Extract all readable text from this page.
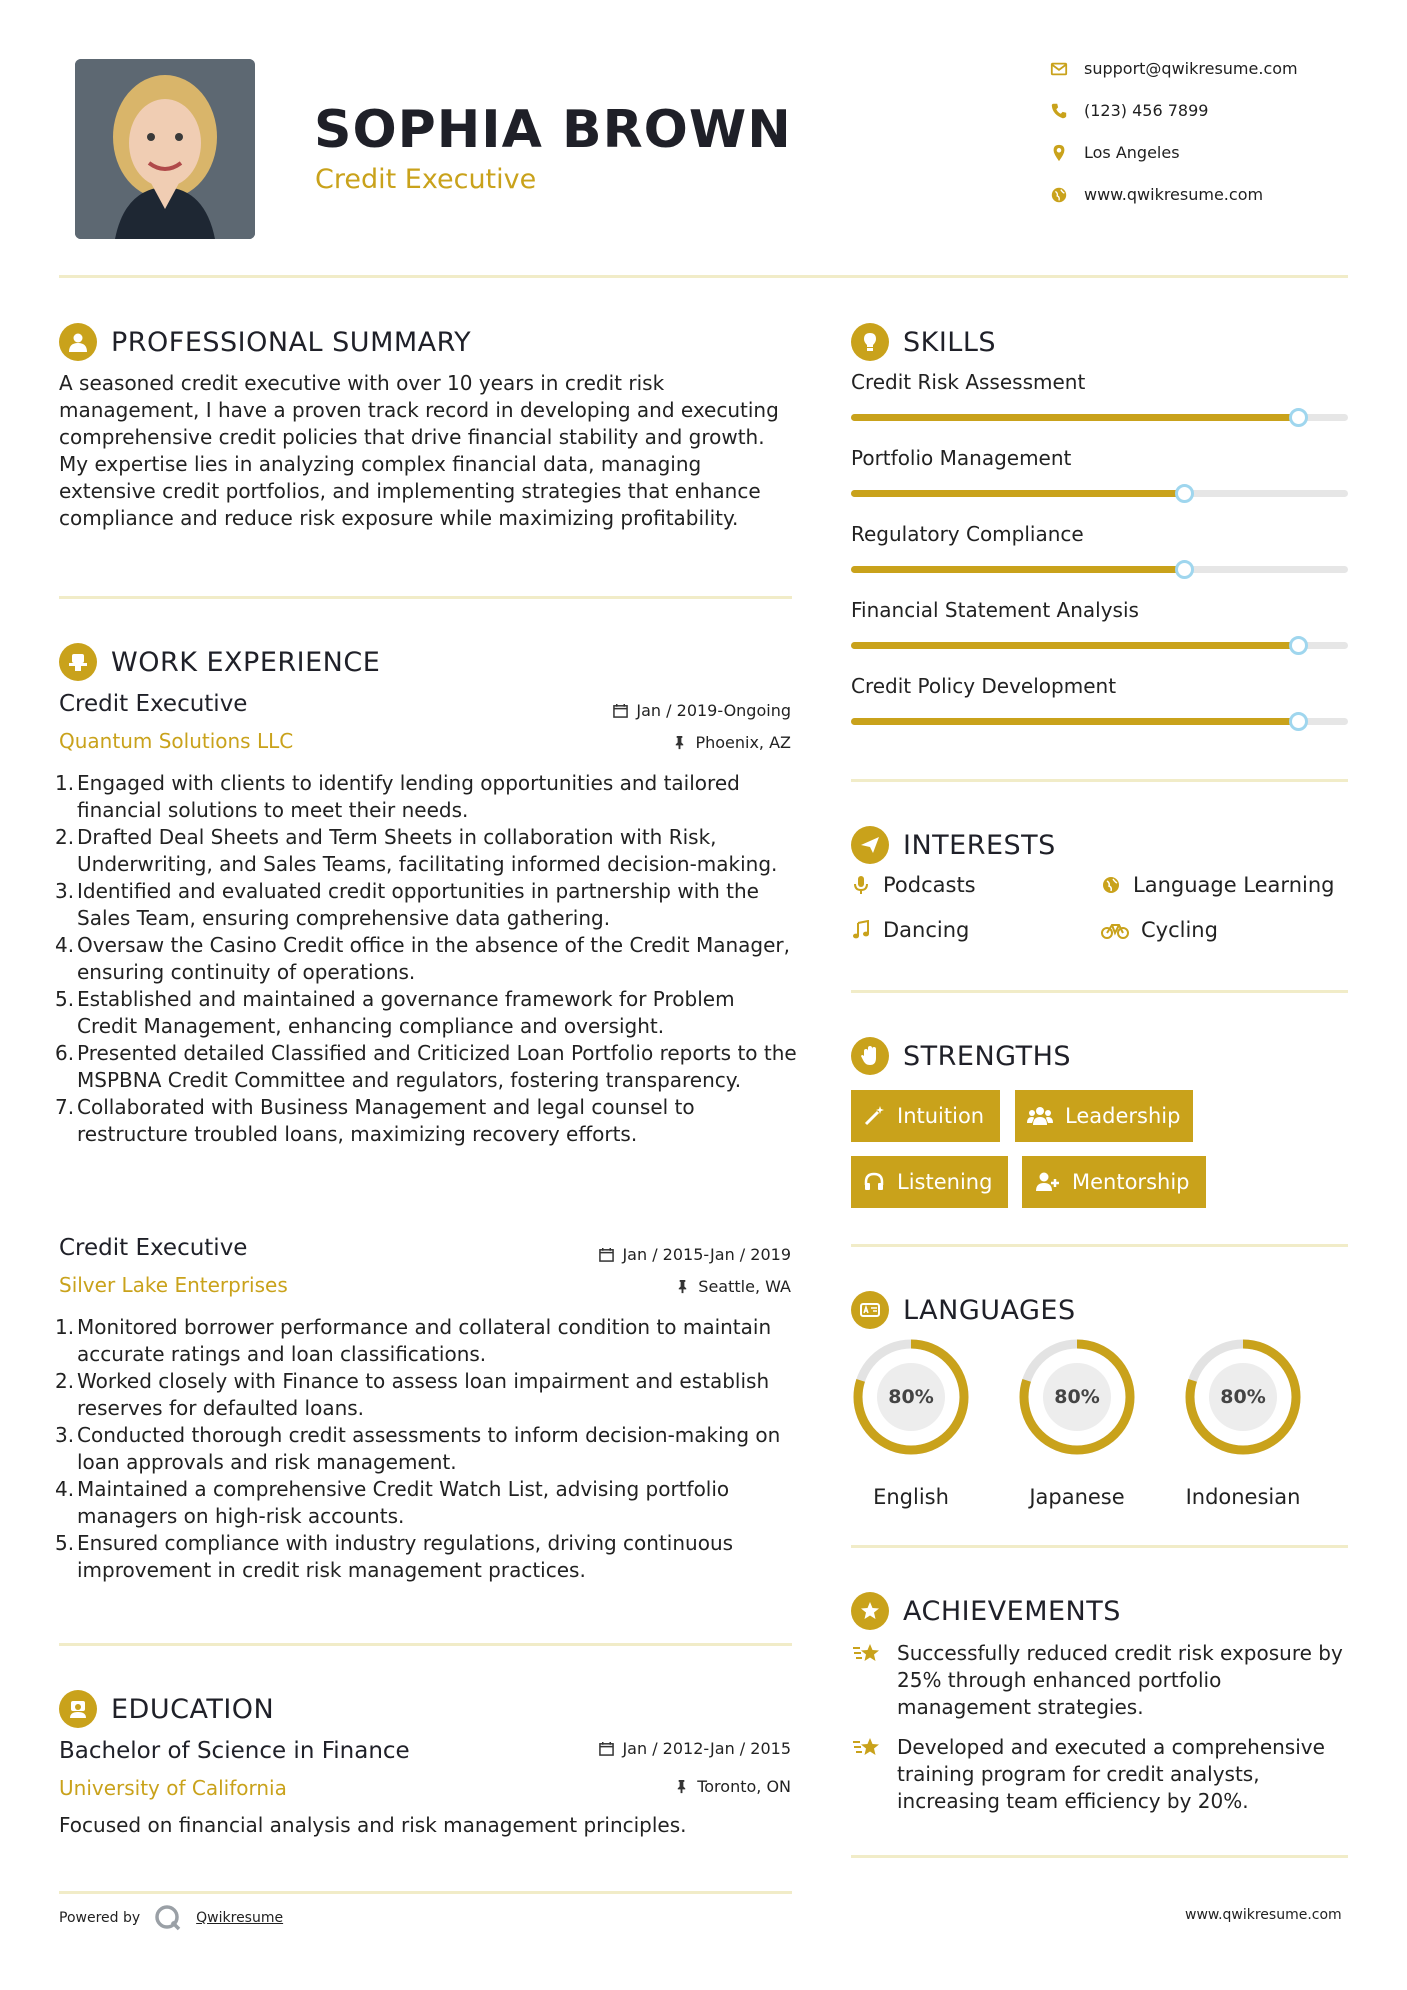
SOPHIA BROWN
Credit Executive
support@qwikresume.com
(123) 456 7899
Los Angeles
www.qwikresume.com
PROFESSIONAL SUMMARY
A seasoned credit executive with over 10 years in credit risk management, I have a proven track record in developing and executing comprehensive credit policies that drive financial stability and growth. My expertise lies in analyzing complex financial data, managing extensive credit portfolios, and implementing strategies that enhance compliance and reduce risk exposure while maximizing profitability.
WORK EXPERIENCE
Credit Executive	Jan / 2019-Ongoing
Quantum Solutions LLC	Phoenix, AZ
1. Engaged with clients to identify lending opportunities and tailored financial solutions to meet their needs.
2. Drafted Deal Sheets and Term Sheets in collaboration with Risk, Underwriting, and Sales Teams, facilitating informed decision-making.
3. Identified and evaluated credit opportunities in partnership with the Sales Team, ensuring comprehensive data gathering.
4. Oversaw the Casino Credit office in the absence of the Credit Manager, ensuring continuity of operations.
5. Established and maintained a governance framework for Problem Credit Management, enhancing compliance and oversight.
6. Presented detailed Classified and Criticized Loan Portfolio reports to the MSPBNA Credit Committee and regulators, fostering transparency.
7. Collaborated with Business Management and legal counsel to restructure troubled loans, maximizing recovery efforts.
Credit Executive	Jan / 2015-Jan / 2019
Silver Lake Enterprises	Seattle, WA
1. Monitored borrower performance and collateral condition to maintain accurate ratings and loan classifications.
2. Worked closely with Finance to assess loan impairment and establish reserves for defaulted loans.
3. Conducted thorough credit assessments to inform decision-making on loan approvals and risk management.
4. Maintained a comprehensive Credit Watch List, advising portfolio managers on high-risk accounts.
5. Ensured compliance with industry regulations, driving continuous improvement in credit risk management practices.
EDUCATION
Bachelor of Science in Finance	Jan / 2012-Jan / 2015
University of California	Toronto, ON
Focused on financial analysis and risk management principles.
SKILLS
Credit Risk Assessment
Portfolio Management
Regulatory Compliance
Financial Statement Analysis
Credit Policy Development
INTERESTS
Podcasts	Language Learning
Dancing	Cycling
STRENGTHS
Intuition	Leadership
Listening	Mentorship
LANGUAGES
80%
English
80%
Japanese
80%
Indonesian
ACHIEVEMENTS
Successfully reduced credit risk exposure by 25% through enhanced portfolio management strategies.
Developed and executed a comprehensive training program for credit analysts, increasing team efficiency by 20%.
Powered by	Qwikresume	www.qwikresume.com
